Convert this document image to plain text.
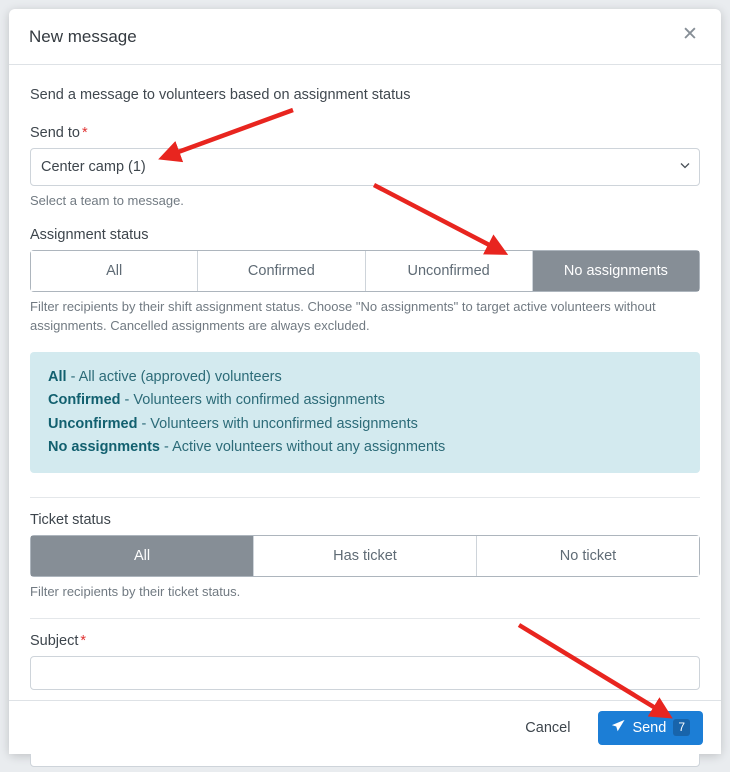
New message	✕
Send a message to volunteers based on assignment status
Send to *
Center camp (1)
Select a team to message.
Assignment status
All	Confirmed	Unconfirmed	No assignments
Filter recipients by their shift assignment status. Choose "No assignments" to target active volunteers without assignments. Cancelled assignments are always excluded.
All - All active (approved) volunteers
Confirmed - Volunteers with confirmed assignments
Unconfirmed - Volunteers with unconfirmed assignments
No assignments - Active volunteers without any assignments
Ticket status
All	Has ticket	No ticket
Filter recipients by their ticket status.
Subject *
Cancel	Send	7
